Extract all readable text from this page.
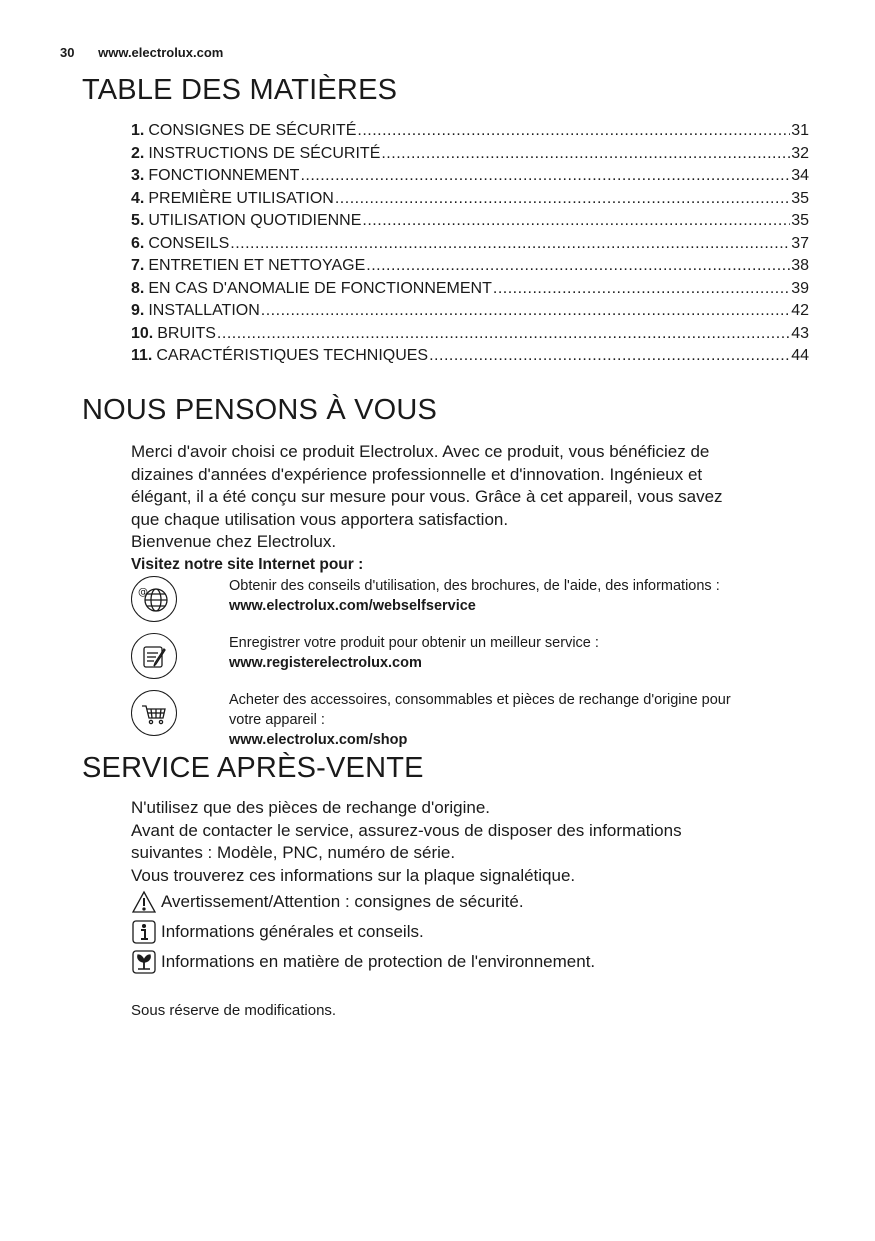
30 www.electrolux.com
TABLE DES MATIÈRES
1. CONSIGNES DE SÉCURITÉ .....	31
2. INSTRUCTIONS DE SÉCURITÉ .....	32
3. FONCTIONNEMENT .....	34
4. PREMIÈRE UTILISATION .....	35
5. UTILISATION QUOTIDIENNE .....	35
6. CONSEILS .....	37
7. ENTRETIEN ET NETTOYAGE .....	38
8. EN CAS D'ANOMALIE DE FONCTIONNEMENT .....	39
9. INSTALLATION .....	42
10. BRUITS .....	43
11. CARACTÉRISTIQUES TECHNIQUES .....	44
NOUS PENSONS À VOUS
Merci d'avoir choisi ce produit Electrolux. Avec ce produit, vous bénéficiez de
dizaines d'années d'expérience professionnelle et d'innovation. Ingénieux et
élégant, il a été conçu sur mesure pour vous. Grâce à cet appareil, vous savez
que chaque utilisation vous apportera satisfaction.
Bienvenue chez Electrolux.
Visitez notre site Internet pour :
@	Obtenir des conseils d'utilisation, des brochures, de l'aide, des informations :
www.electrolux.com/webselfservice
Enregistrer votre produit pour obtenir un meilleur service :
www.registerelectrolux.com
Acheter des accessoires, consommables et pièces de rechange d'origine pour
votre appareil :
www.electrolux.com/shop
SERVICE APRÈS-VENTE
N'utilisez que des pièces de rechange d'origine.
Avant de contacter le service, assurez-vous de disposer des informations
suivantes : Modèle, PNC, numéro de série.
Vous trouverez ces informations sur la plaque signalétique.
Avertissement/Attention : consignes de sécurité.
Informations générales et conseils.
Informations en matière de protection de l'environnement.
Sous réserve de modifications.
